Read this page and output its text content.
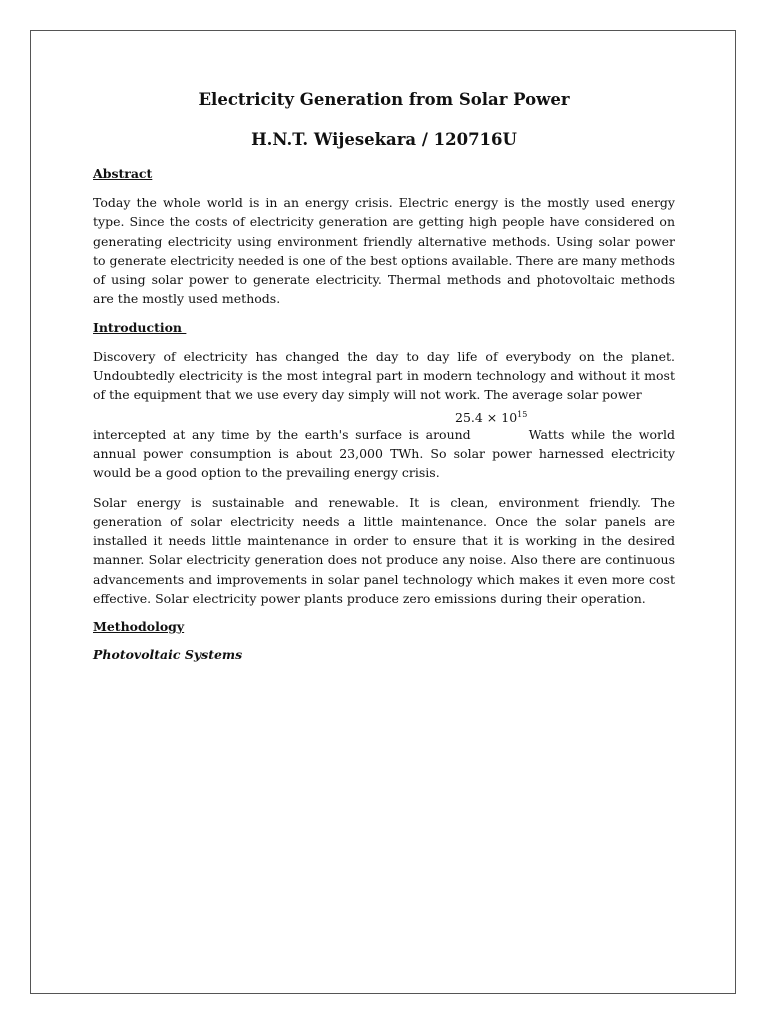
Electricity Generation from Solar Power
H.N.T. Wijesekara / 120716U
Abstract

Today the whole world is in an energy crisis. Electric energy is the mostly used energy type. Since the costs of electricity generation are getting high people have considered on generating electricity using environment friendly alternative methods. Using solar power to generate electricity needed is one of the best options available. There are many methods of using solar power to generate electricity. Thermal methods and photovoltaic methods are the mostly used methods.

Introduction

Discovery of electricity has changed the day to day life of everybody on the planet. Undoubtedly electricity is the most integral part in modern technology and without it most of the equipment that we use every day simply will not work. The average solar power

$25.4 \times 10^{15}$

intercepted at any time by the earth's surface is around	Watts while the world annual power consumption is about 23,000 TWh. So solar power harnessed electricity would be a good option to the prevailing energy crisis.

Solar energy is sustainable and renewable. It is clean, environment friendly. The generation of solar electricity needs a little maintenance. Once the solar panels are installed it needs little maintenance in order to ensure that it is working in the desired manner. Solar electricity generation does not produce any noise. Also there are continuous advancements and improvements in solar panel technology which makes it even more cost effective. Solar electricity power plants produce zero emissions during their operation.

Methodology
Photovoltaic Systems
